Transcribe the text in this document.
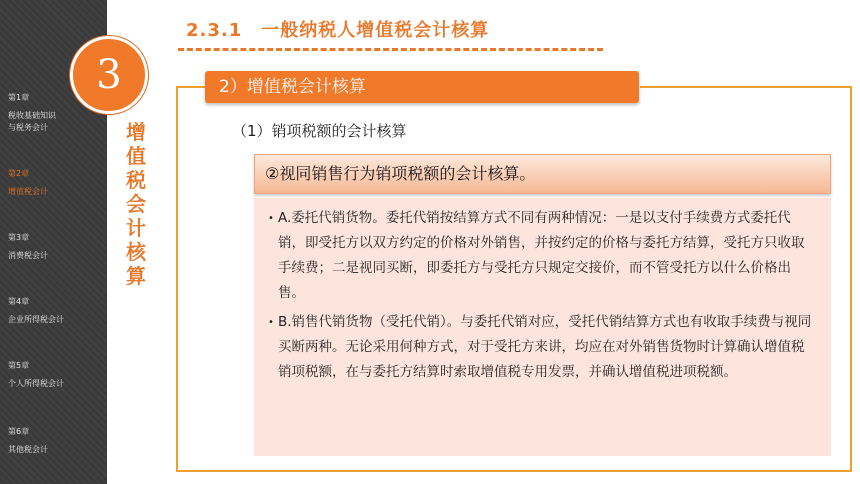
第1章
税收基础知识
与税务会计
第2章
增值税会计
第3章
消费税会计
第4章
企业所得税会计
第5章
个人所得税会计
第6章
其他税会计
3
增
值
税
会
计
核
算
2.3.1　一般纳税人增值税会计核算
2）增值税会计核算
（1）销项税额的会计核算
②视同销售行为销项税额的会计核算。
• A.委托代销货物。委托代销按结算方式不同有两种情况：一是以支付手续费方式委托代销，即受托方以双方约定的价格对外销售，并按约定的价格与委托方结算，受托方只收取手续费；二是视同买断，即委托方与受托方只规定交接价，而不管受托方以什么价格出售。
• B.销售代销货物（受托代销）。与委托代销对应，受托代销结算方式也有收取手续费与视同买断两种。无论采用何种方式，对于受托方来讲，均应在对外销售货物时计算确认增值税销项税额，在与委托方结算时索取增值税专用发票，并确认增值税进项税额。
